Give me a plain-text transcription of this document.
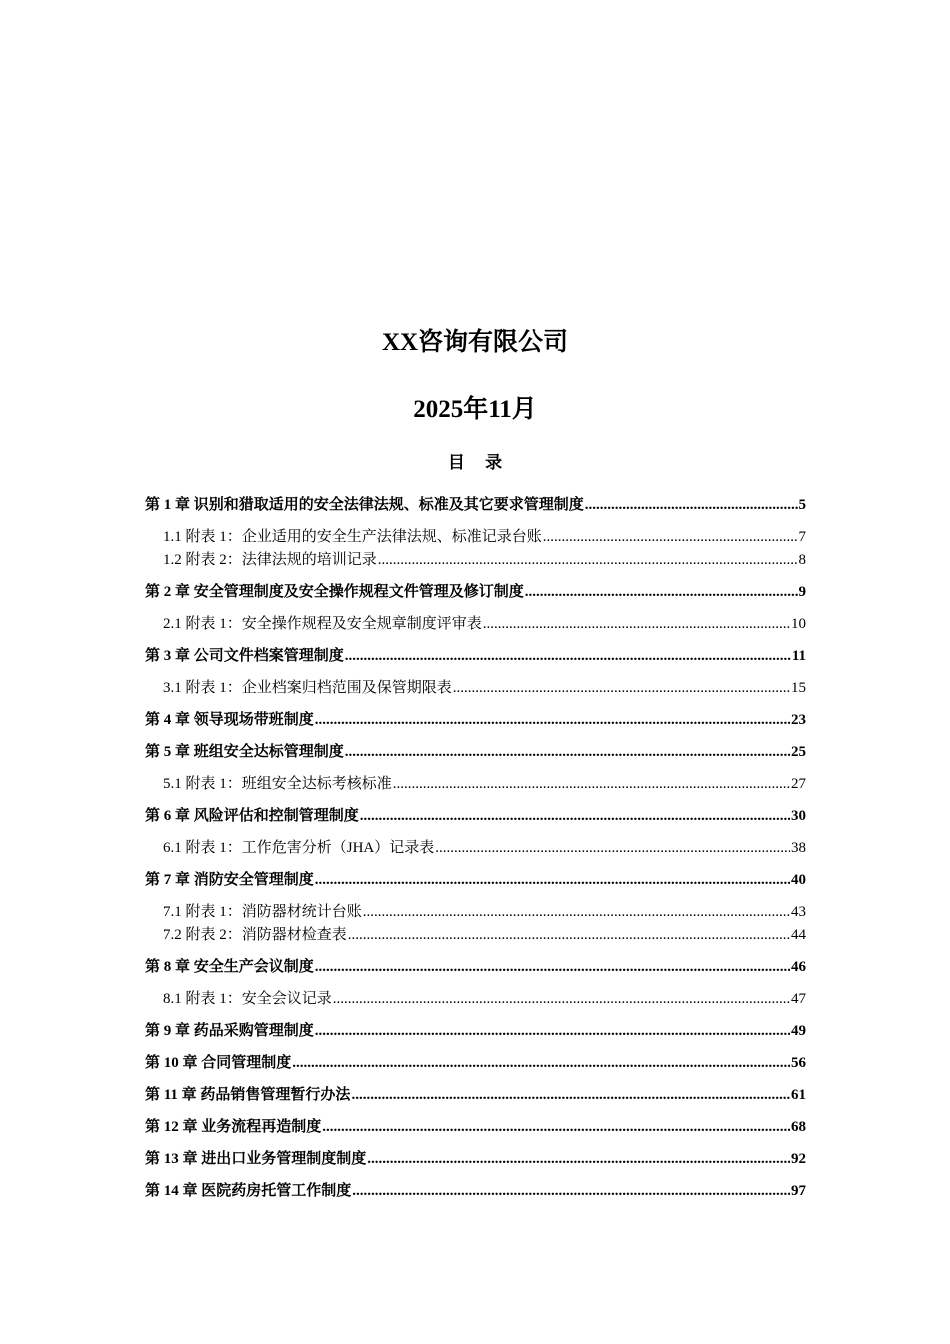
XX咨询有限公司
2025年11月
目 录
第 1 章 识别和猎取适用的安全法律法规、标准及其它要求管理制度 .....	5
1.1 附表 1：企业适用的安全生产法律法规、标准记录台账 .....	7
1.2 附表 2：法律法规的培训记录 .....	8
第 2 章 安全管理制度及安全操作规程文件管理及修订制度 .....	9
2.1 附表 1：安全操作规程及安全规章制度评审表 .....	10
第 3 章 公司文件档案管理制度 .....	11
3.1 附表 1：企业档案归档范围及保管期限表 .....	15
第 4 章 领导现场带班制度 .....	23
第 5 章 班组安全达标管理制度 .....	25
5.1 附表 1：班组安全达标考核标准 .....	27
第 6 章 风险评估和控制管理制度 .....	30
6.1 附表 1：工作危害分析（JHA）记录表 .....	38
第 7 章 消防安全管理制度 .....	40
7.1 附表 1：消防器材统计台账 .....	43
7.2 附表 2：消防器材检查表 .....	44
第 8 章 安全生产会议制度 .....	46
8.1 附表 1：安全会议记录 .....	47
第 9 章 药品采购管理制度 .....	49
第 10 章 合同管理制度 .....	56
第 11 章 药品销售管理暂行办法 .....	61
第 12 章 业务流程再造制度 .....	68
第 13 章 进出口业务管理制度制度 .....	92
第 14 章 医院药房托管工作制度 .....	97
